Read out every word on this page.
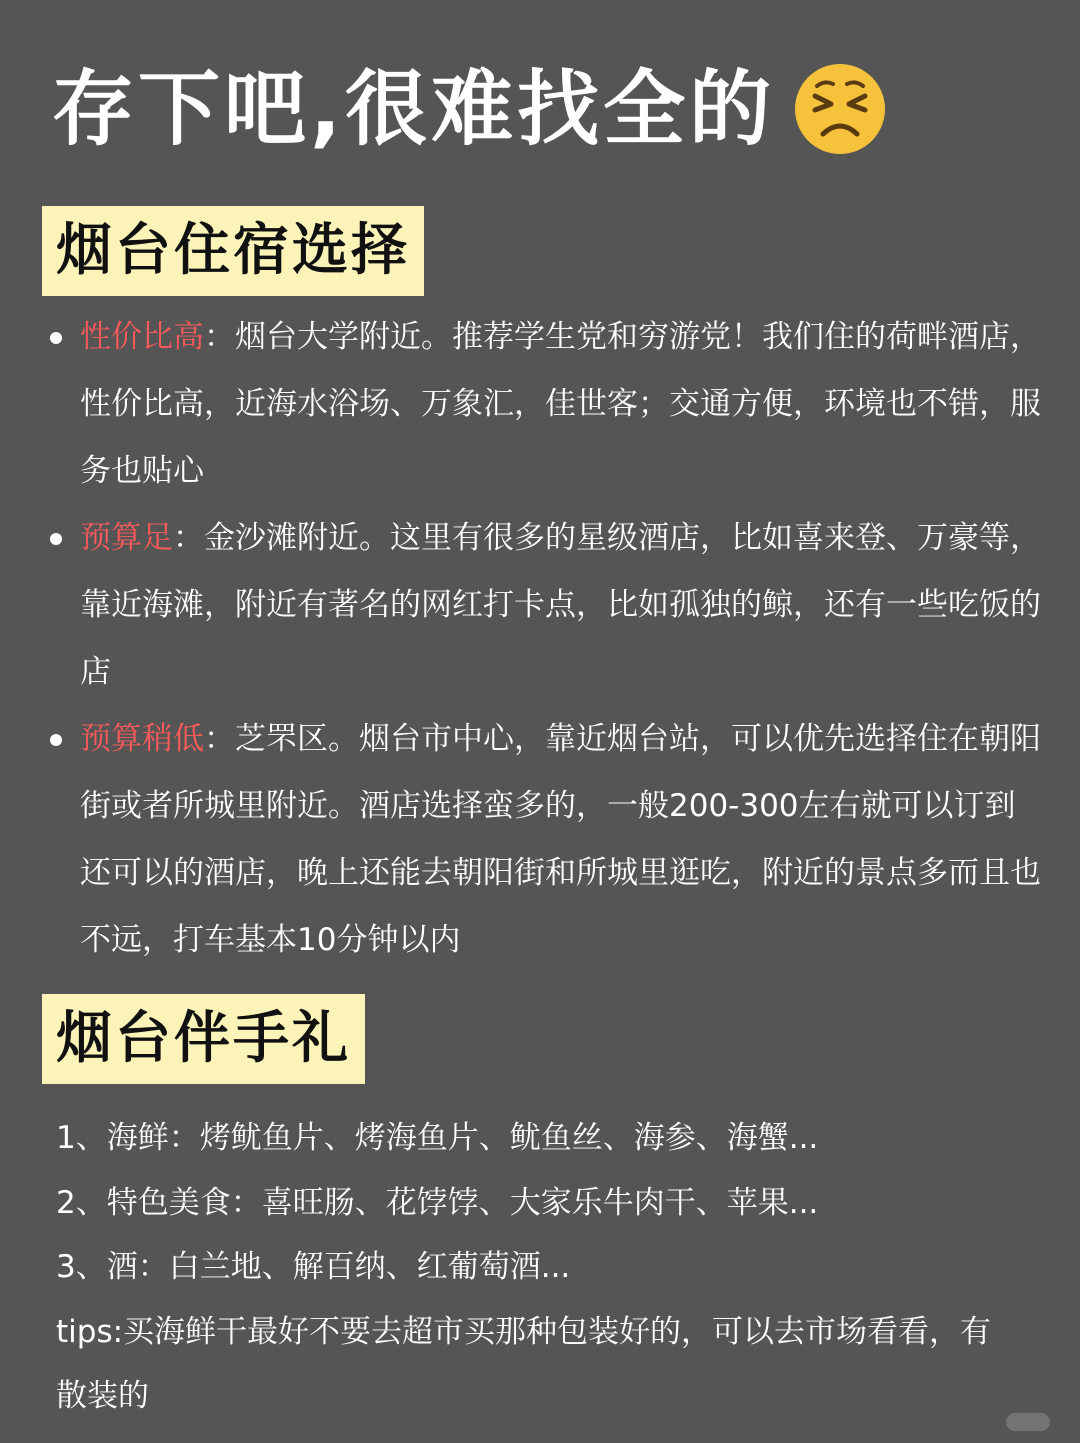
存下吧,很难找全的
烟台住宿选择
性价比高：烟台大学附近。推荐学生党和穷游党！我们住的荷畔酒店，性价比高，近海水浴场、万象汇，佳世客；交通方便，环境也不错，服务也贴心
预算足：金沙滩附近。这里有很多的星级酒店，比如喜来登、万豪等，靠近海滩，附近有著名的网红打卡点，比如孤独的鲸，还有一些吃饭的店
预算稍低：芝罘区。烟台市中心，靠近烟台站，可以优先选择住在朝阳街或者所城里附近。酒店选择蛮多的，一般200-300左右就可以订到还可以的酒店，晚上还能去朝阳街和所城里逛吃，附近的景点多而且也不远，打车基本10分钟以内
烟台伴手礼
1、海鲜：烤鱿鱼片、烤海鱼片、鱿鱼丝、海参、海蟹...
2、特色美食：喜旺肠、花饽饽、大家乐牛肉干、苹果...
3、酒：白兰地、解百纳、红葡萄酒...
tips:买海鲜干最好不要去超市买那种包装好的，可以去市场看看，有散装的
